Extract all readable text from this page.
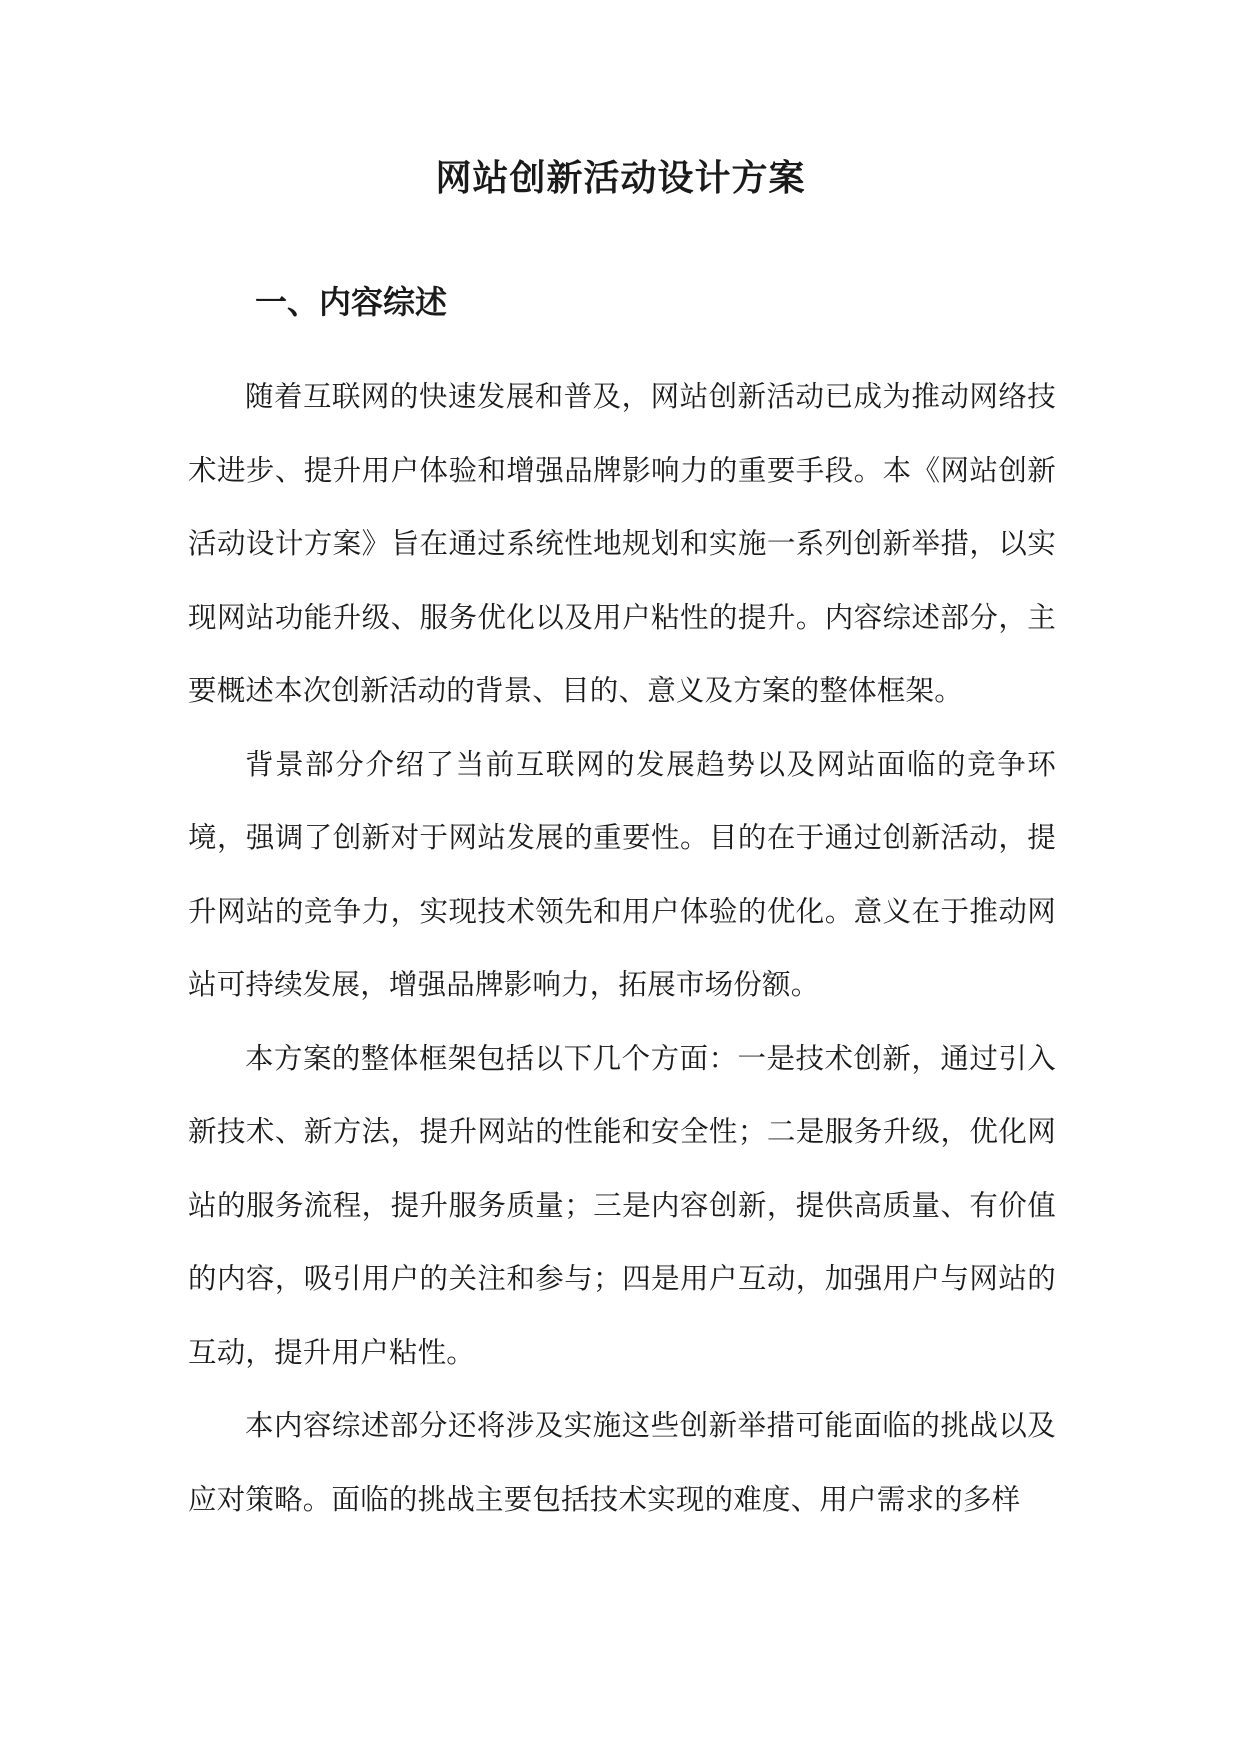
网站创新活动设计方案
一、内容综述

随着互联网的快速发展和普及，网站创新活动已成为推动网络技术进步、提升用户体验和增强品牌影响力的重要手段。本《网站创新活动设计方案》旨在通过系统性地规划和实施一系列创新举措，以实现网站功能升级、服务优化以及用户粘性的提升。内容综述部分，主要概述本次创新活动的背景、目的、意义及方案的整体框架。

背景部分介绍了当前互联网的发展趋势以及网站面临的竞争环境，强调了创新对于网站发展的重要性。目的在于通过创新活动，提升网站的竞争力，实现技术领先和用户体验的优化。意义在于推动网站可持续发展，增强品牌影响力，拓展市场份额。

本方案的整体框架包括以下几个方面：一是技术创新，通过引入新技术、新方法，提升网站的性能和安全性；二是服务升级，优化网站的服务流程，提升服务质量；三是内容创新，提供高质量、有价值的内容，吸引用户的关注和参与；四是用户互动，加强用户与网站的互动，提升用户粘性。

本内容综述部分还将涉及实施这些创新举措可能面临的挑战以及应对策略。面临的挑战主要包括技术实现的难度、用户需求的多样
